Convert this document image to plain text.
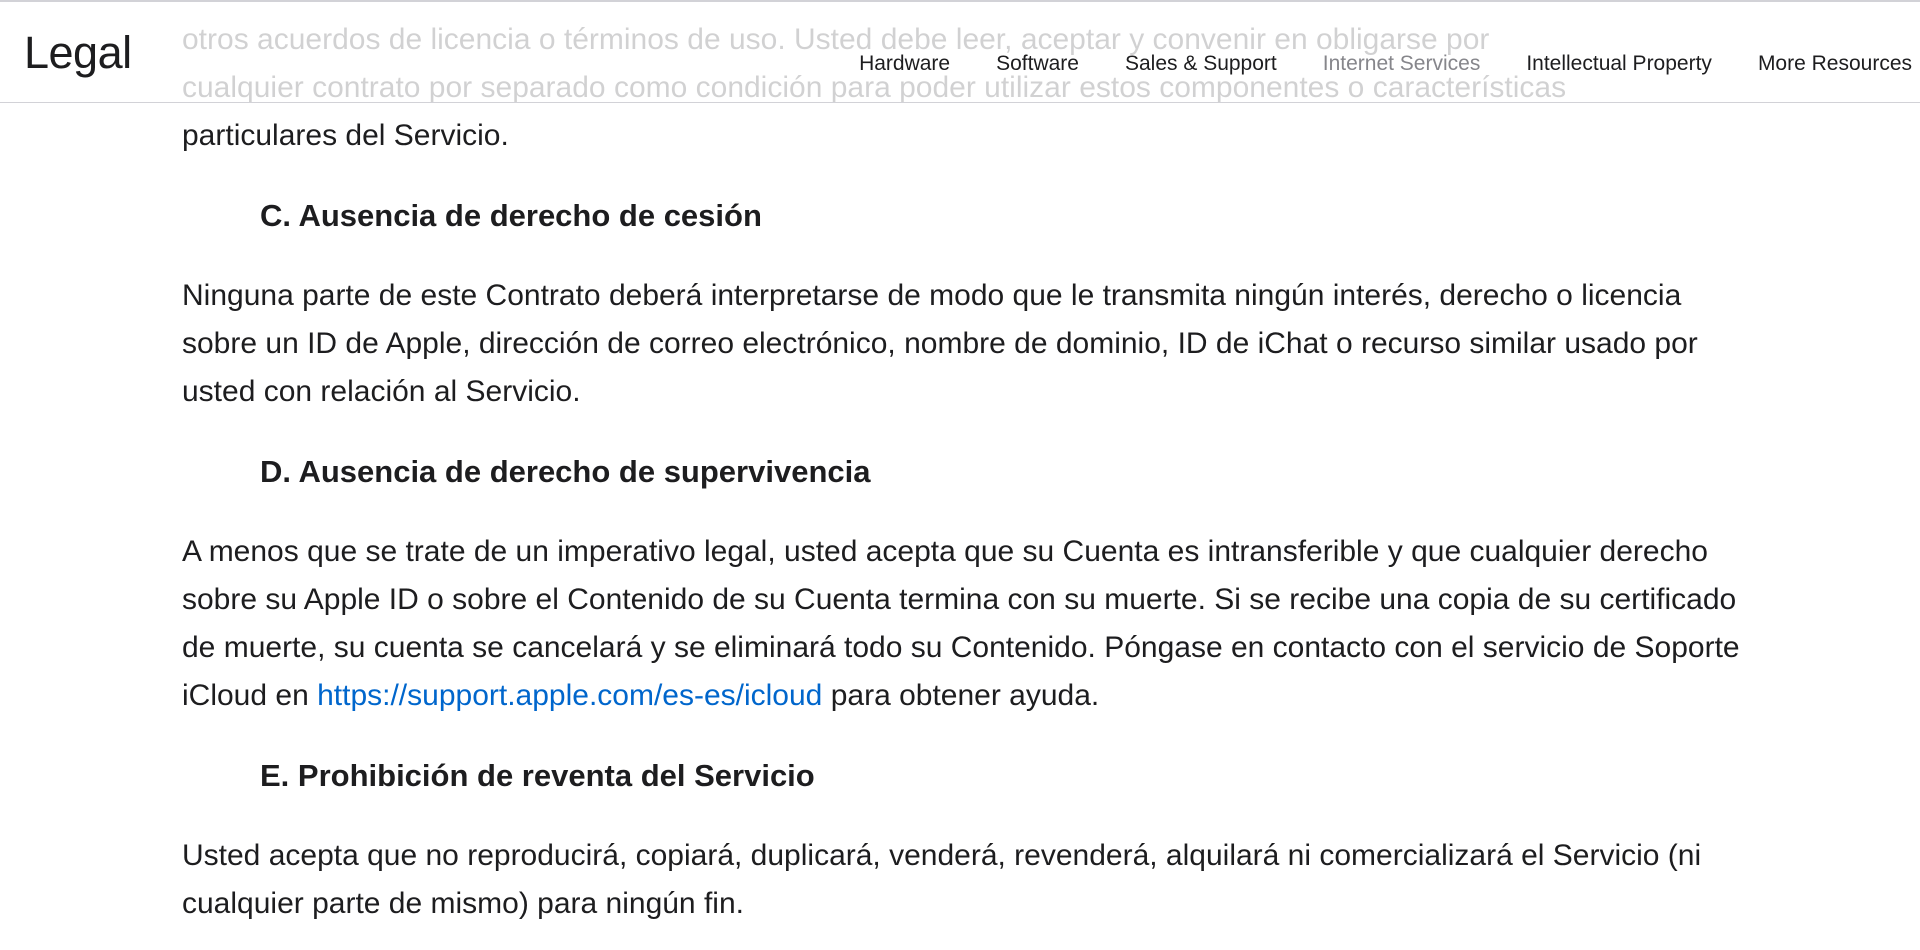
Legal	Hardware Software Sales & Support Internet Services Intellectual Property More Resources

particulares del Servicio.

C. Ausencia de derecho de cesión

Ninguna parte de este Contrato deberá interpretarse de modo que le transmita ningún interés, derecho o licencia sobre un ID de Apple, dirección de correo electrónico, nombre de dominio, ID de iChat o recurso similar usado por usted con relación al Servicio.

D. Ausencia de derecho de supervivencia

A menos que se trate de un imperativo legal, usted acepta que su Cuenta es intransferible y que cualquier derecho sobre su Apple ID o sobre el Contenido de su Cuenta termina con su muerte. Si se recibe una copia de su certificado de muerte, su cuenta se cancelará y se eliminará todo su Contenido. Póngase en contacto con el servicio de Soporte iCloud en https://support.apple.com/es-es/icloud para obtener ayuda.

E. Prohibición de reventa del Servicio

Usted acepta que no reproducirá, copiará, duplicará, venderá, revenderá, alquilará ni comercializará el Servicio (ni cualquier parte de mismo) para ningún fin.
